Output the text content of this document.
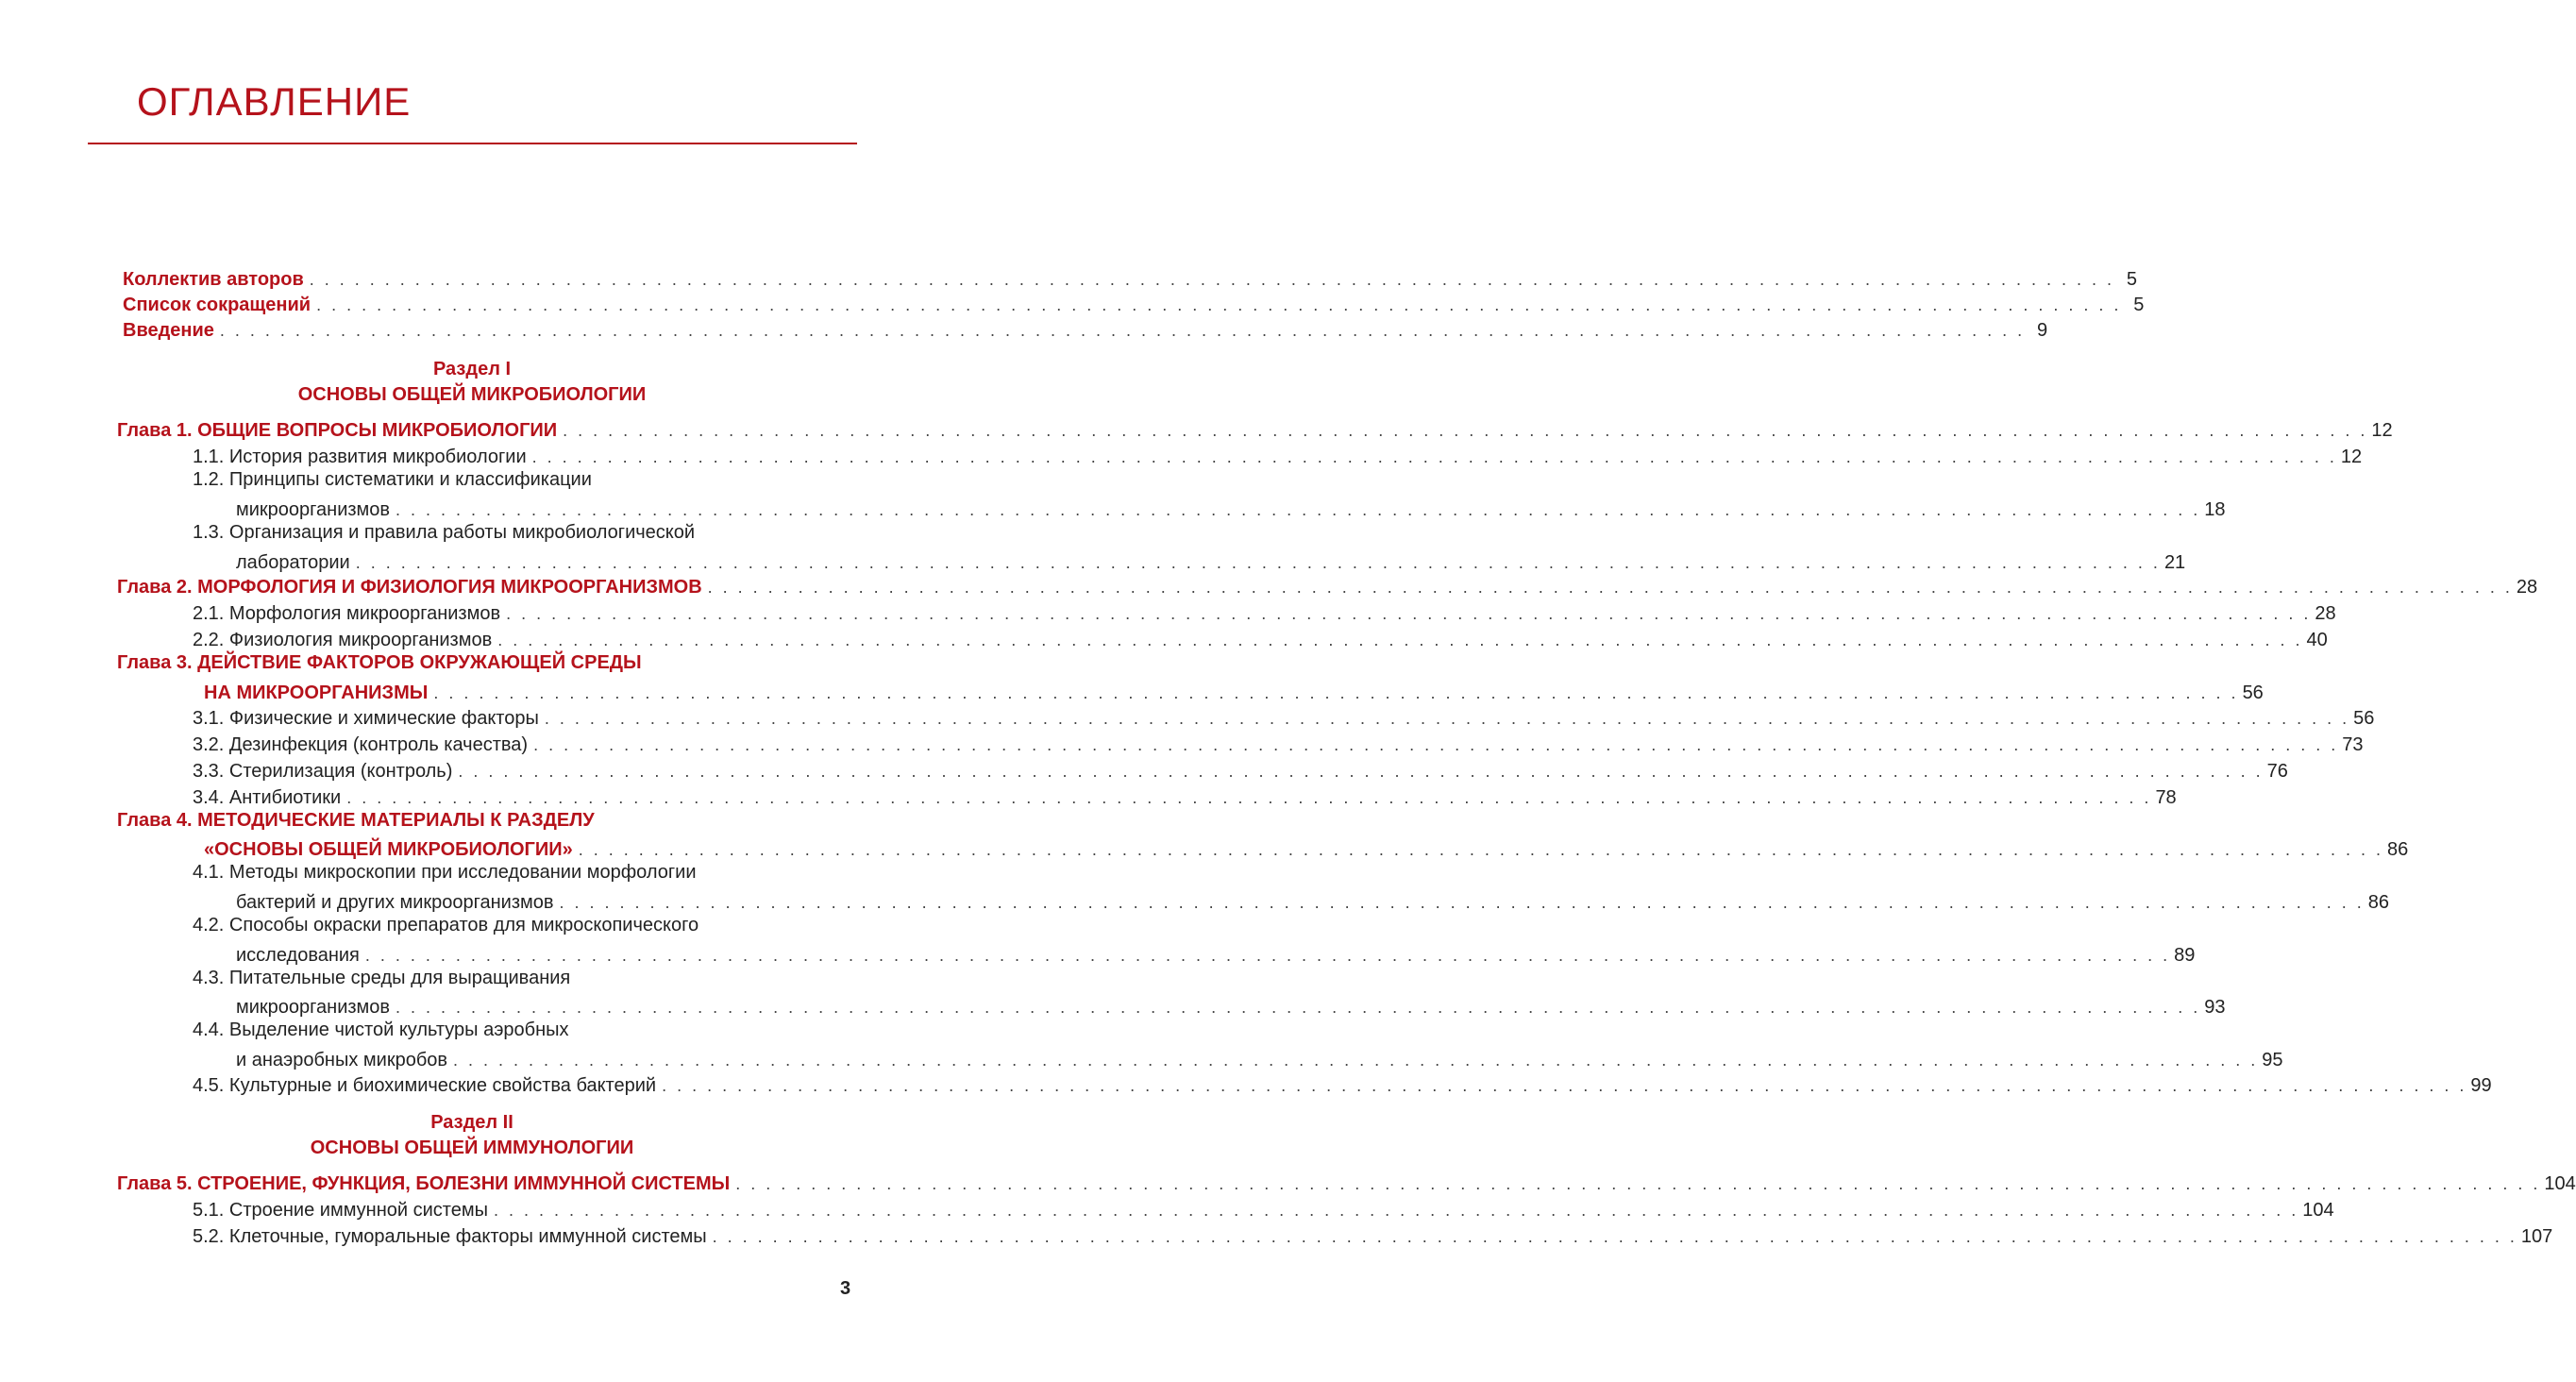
ОГЛАВЛЕНИЕ
Коллектив авторов . . . . . . . . . . . . . . . . . . . . . . . . . . . . . . . . . . . . . . . . . . . . . . . . . . . . . . . . . . . . . . . . . . . . . . . . . . . . . . . . . . . . . . . . . . . . . . . . . . . . . . . . . . . . . . . . . . . . . . . . 5
Список сокращений . . . . . . . . . . . . . . . . . . . . . . . . . . . . . . . . . . . . . . . . . . . . . . . . . . . . . . . . . . . . . . . . . . . . . . . . . . . . . . . . . . . . . . . . . . . . . . . . . . . . . . . . . . . . . . . . . . . . . . . . 5
Введение . . . . . . . . . . . . . . . . . . . . . . . . . . . . . . . . . . . . . . . . . . . . . . . . . . . . . . . . . . . . . . . . . . . . . . . . . . . . . . . . . . . . . . . . . . . . . . . . . . . . . . . . . . . . . . . . . . . . . . . . 9
Раздел I
ОСНОВЫ ОБЩЕЙ МИКРОБИОЛОГИИ
Глава 1. ОБЩИЕ ВОПРОСЫ МИКРОБИОЛОГИИ . . . . . . . . . . . . . . . . . . . . . . . . . . . . . . . . . . . . . . . . . . . . . . . . . . . . . . . . . . . . . . . . . . . . . . . . . . . . . . . . . . . . . . . . . . . . . . . . . . . . . . . . . . . . . . . . . . . . . . . . 12
1.1. История развития микробиологии . . . . . . . . . . . . . . . . . . . . . . . . . . . . . . . . . . . . . . . . . . . . . . . . . . . . . . . . . . . . . . . . . . . . . . . . . . . . . . . . . . . . . . . . . . . . . . . . . . . . . . . . . . . . . . . . . . . . . . . . 12
1.2. Принципы систематики и классификации
микроорганизмов . . . . . . . . . . . . . . . . . . . . . . . . . . . . . . . . . . . . . . . . . . . . . . . . . . . . . . . . . . . . . . . . . . . . . . . . . . . . . . . . . . . . . . . . . . . . . . . . . . . . . . . . . . . . . . . . . . . . . . . . 18
1.3. Организация и правила работы микробиологической
лаборатории . . . . . . . . . . . . . . . . . . . . . . . . . . . . . . . . . . . . . . . . . . . . . . . . . . . . . . . . . . . . . . . . . . . . . . . . . . . . . . . . . . . . . . . . . . . . . . . . . . . . . . . . . . . . . . . . . . . . . . . . 21
Глава 2. МОРФОЛОГИЯ И ФИЗИОЛОГИЯ МИКРООРГАНИЗМОВ . . . . . . . . . . . . . . . . . . . . . . . . . . . . . . . . . . . . . . . . . . . . . . . . . . . . . . . . . . . . . . . . . . . . . . . . . . . . . . . . . . . . . . . . . . . . . . . . . . . . . . . . . . . . . . . . . . . . . . . . 28
2.1. Морфология микроорганизмов . . . . . . . . . . . . . . . . . . . . . . . . . . . . . . . . . . . . . . . . . . . . . . . . . . . . . . . . . . . . . . . . . . . . . . . . . . . . . . . . . . . . . . . . . . . . . . . . . . . . . . . . . . . . . . . . . . . . . . . . 28
2.2. Физиология микроорганизмов . . . . . . . . . . . . . . . . . . . . . . . . . . . . . . . . . . . . . . . . . . . . . . . . . . . . . . . . . . . . . . . . . . . . . . . . . . . . . . . . . . . . . . . . . . . . . . . . . . . . . . . . . . . . . . . . . . . . . . . . 40
Глава 3. ДЕЙСТВИЕ ФАКТОРОВ ОКРУЖАЮЩЕЙ СРЕДЫ
НА МИКРООРГАНИЗМЫ . . . . . . . . . . . . . . . . . . . . . . . . . . . . . . . . . . . . . . . . . . . . . . . . . . . . . . . . . . . . . . . . . . . . . . . . . . . . . . . . . . . . . . . . . . . . . . . . . . . . . . . . . . . . . . . . . . . . . . . . 56
3.1. Физические и химические факторы . . . . . . . . . . . . . . . . . . . . . . . . . . . . . . . . . . . . . . . . . . . . . . . . . . . . . . . . . . . . . . . . . . . . . . . . . . . . . . . . . . . . . . . . . . . . . . . . . . . . . . . . . . . . . . . . . . . . . . . . 56
3.2. Дезинфекция (контроль качества) . . . . . . . . . . . . . . . . . . . . . . . . . . . . . . . . . . . . . . . . . . . . . . . . . . . . . . . . . . . . . . . . . . . . . . . . . . . . . . . . . . . . . . . . . . . . . . . . . . . . . . . . . . . . . . . . . . . . . . . . 73
3.3. Стерилизация (контроль) . . . . . . . . . . . . . . . . . . . . . . . . . . . . . . . . . . . . . . . . . . . . . . . . . . . . . . . . . . . . . . . . . . . . . . . . . . . . . . . . . . . . . . . . . . . . . . . . . . . . . . . . . . . . . . . . . . . . . . . . 76
3.4. Антибиотики . . . . . . . . . . . . . . . . . . . . . . . . . . . . . . . . . . . . . . . . . . . . . . . . . . . . . . . . . . . . . . . . . . . . . . . . . . . . . . . . . . . . . . . . . . . . . . . . . . . . . . . . . . . . . . . . . . . . . . . . 78
Глава 4. МЕТОДИЧЕСКИЕ МАТЕРИАЛЫ К РАЗДЕЛУ
«ОСНОВЫ ОБЩЕЙ МИКРОБИОЛОГИИ» . . . . . . . . . . . . . . . . . . . . . . . . . . . . . . . . . . . . . . . . . . . . . . . . . . . . . . . . . . . . . . . . . . . . . . . . . . . . . . . . . . . . . . . . . . . . . . . . . . . . . . . . . . . . . . . . . . . . . . . . 86
4.1. Методы микроскопии при исследовании морфологии
бактерий и других микроорганизмов . . . . . . . . . . . . . . . . . . . . . . . . . . . . . . . . . . . . . . . . . . . . . . . . . . . . . . . . . . . . . . . . . . . . . . . . . . . . . . . . . . . . . . . . . . . . . . . . . . . . . . . . . . . . . . . . . . . . . . . . 86
4.2. Способы окраски препаратов для микроскопического
исследования . . . . . . . . . . . . . . . . . . . . . . . . . . . . . . . . . . . . . . . . . . . . . . . . . . . . . . . . . . . . . . . . . . . . . . . . . . . . . . . . . . . . . . . . . . . . . . . . . . . . . . . . . . . . . . . . . . . . . . . . 89
4.3. Питательные среды для выращивания
микроорганизмов . . . . . . . . . . . . . . . . . . . . . . . . . . . . . . . . . . . . . . . . . . . . . . . . . . . . . . . . . . . . . . . . . . . . . . . . . . . . . . . . . . . . . . . . . . . . . . . . . . . . . . . . . . . . . . . . . . . . . . . . 93
4.4. Выделение чистой культуры аэробных
и анаэробных микробов . . . . . . . . . . . . . . . . . . . . . . . . . . . . . . . . . . . . . . . . . . . . . . . . . . . . . . . . . . . . . . . . . . . . . . . . . . . . . . . . . . . . . . . . . . . . . . . . . . . . . . . . . . . . . . . . . . . . . . . . 95
4.5. Культурные и биохимические свойства бактерий . . . . . . . . . . . . . . . . . . . . . . . . . . . . . . . . . . . . . . . . . . . . . . . . . . . . . . . . . . . . . . . . . . . . . . . . . . . . . . . . . . . . . . . . . . . . . . . . . . . . . . . . . . . . . . . . . . . . . . . . 99
Раздел II
ОСНОВЫ ОБЩЕЙ ИММУНОЛОГИИ
Глава 5. СТРОЕНИЕ, ФУНКЦИЯ, БОЛЕЗНИ ИММУННОЙ СИСТЕМЫ . . . . . . . . . . . . . . . . . . . . . . . . . . . . . . . . . . . . . . . . . . . . . . . . . . . . . . . . . . . . . . . . . . . . . . . . . . . . . . . . . . . . . . . . . . . . . . . . . . . . . . . . . . . . . . . . . . . . . . . . 104
5.1. Строение иммунной системы . . . . . . . . . . . . . . . . . . . . . . . . . . . . . . . . . . . . . . . . . . . . . . . . . . . . . . . . . . . . . . . . . . . . . . . . . . . . . . . . . . . . . . . . . . . . . . . . . . . . . . . . . . . . . . . . . . . . . . . . 104
5.2. Клеточные, гуморальные факторы иммунной системы . . . . . . . . . . . . . . . . . . . . . . . . . . . . . . . . . . . . . . . . . . . . . . . . . . . . . . . . . . . . . . . . . . . . . . . . . . . . . . . . . . . . . . . . . . . . . . . . . . . . . . . . . . . . . . . . . . . . . . . . 107
3
